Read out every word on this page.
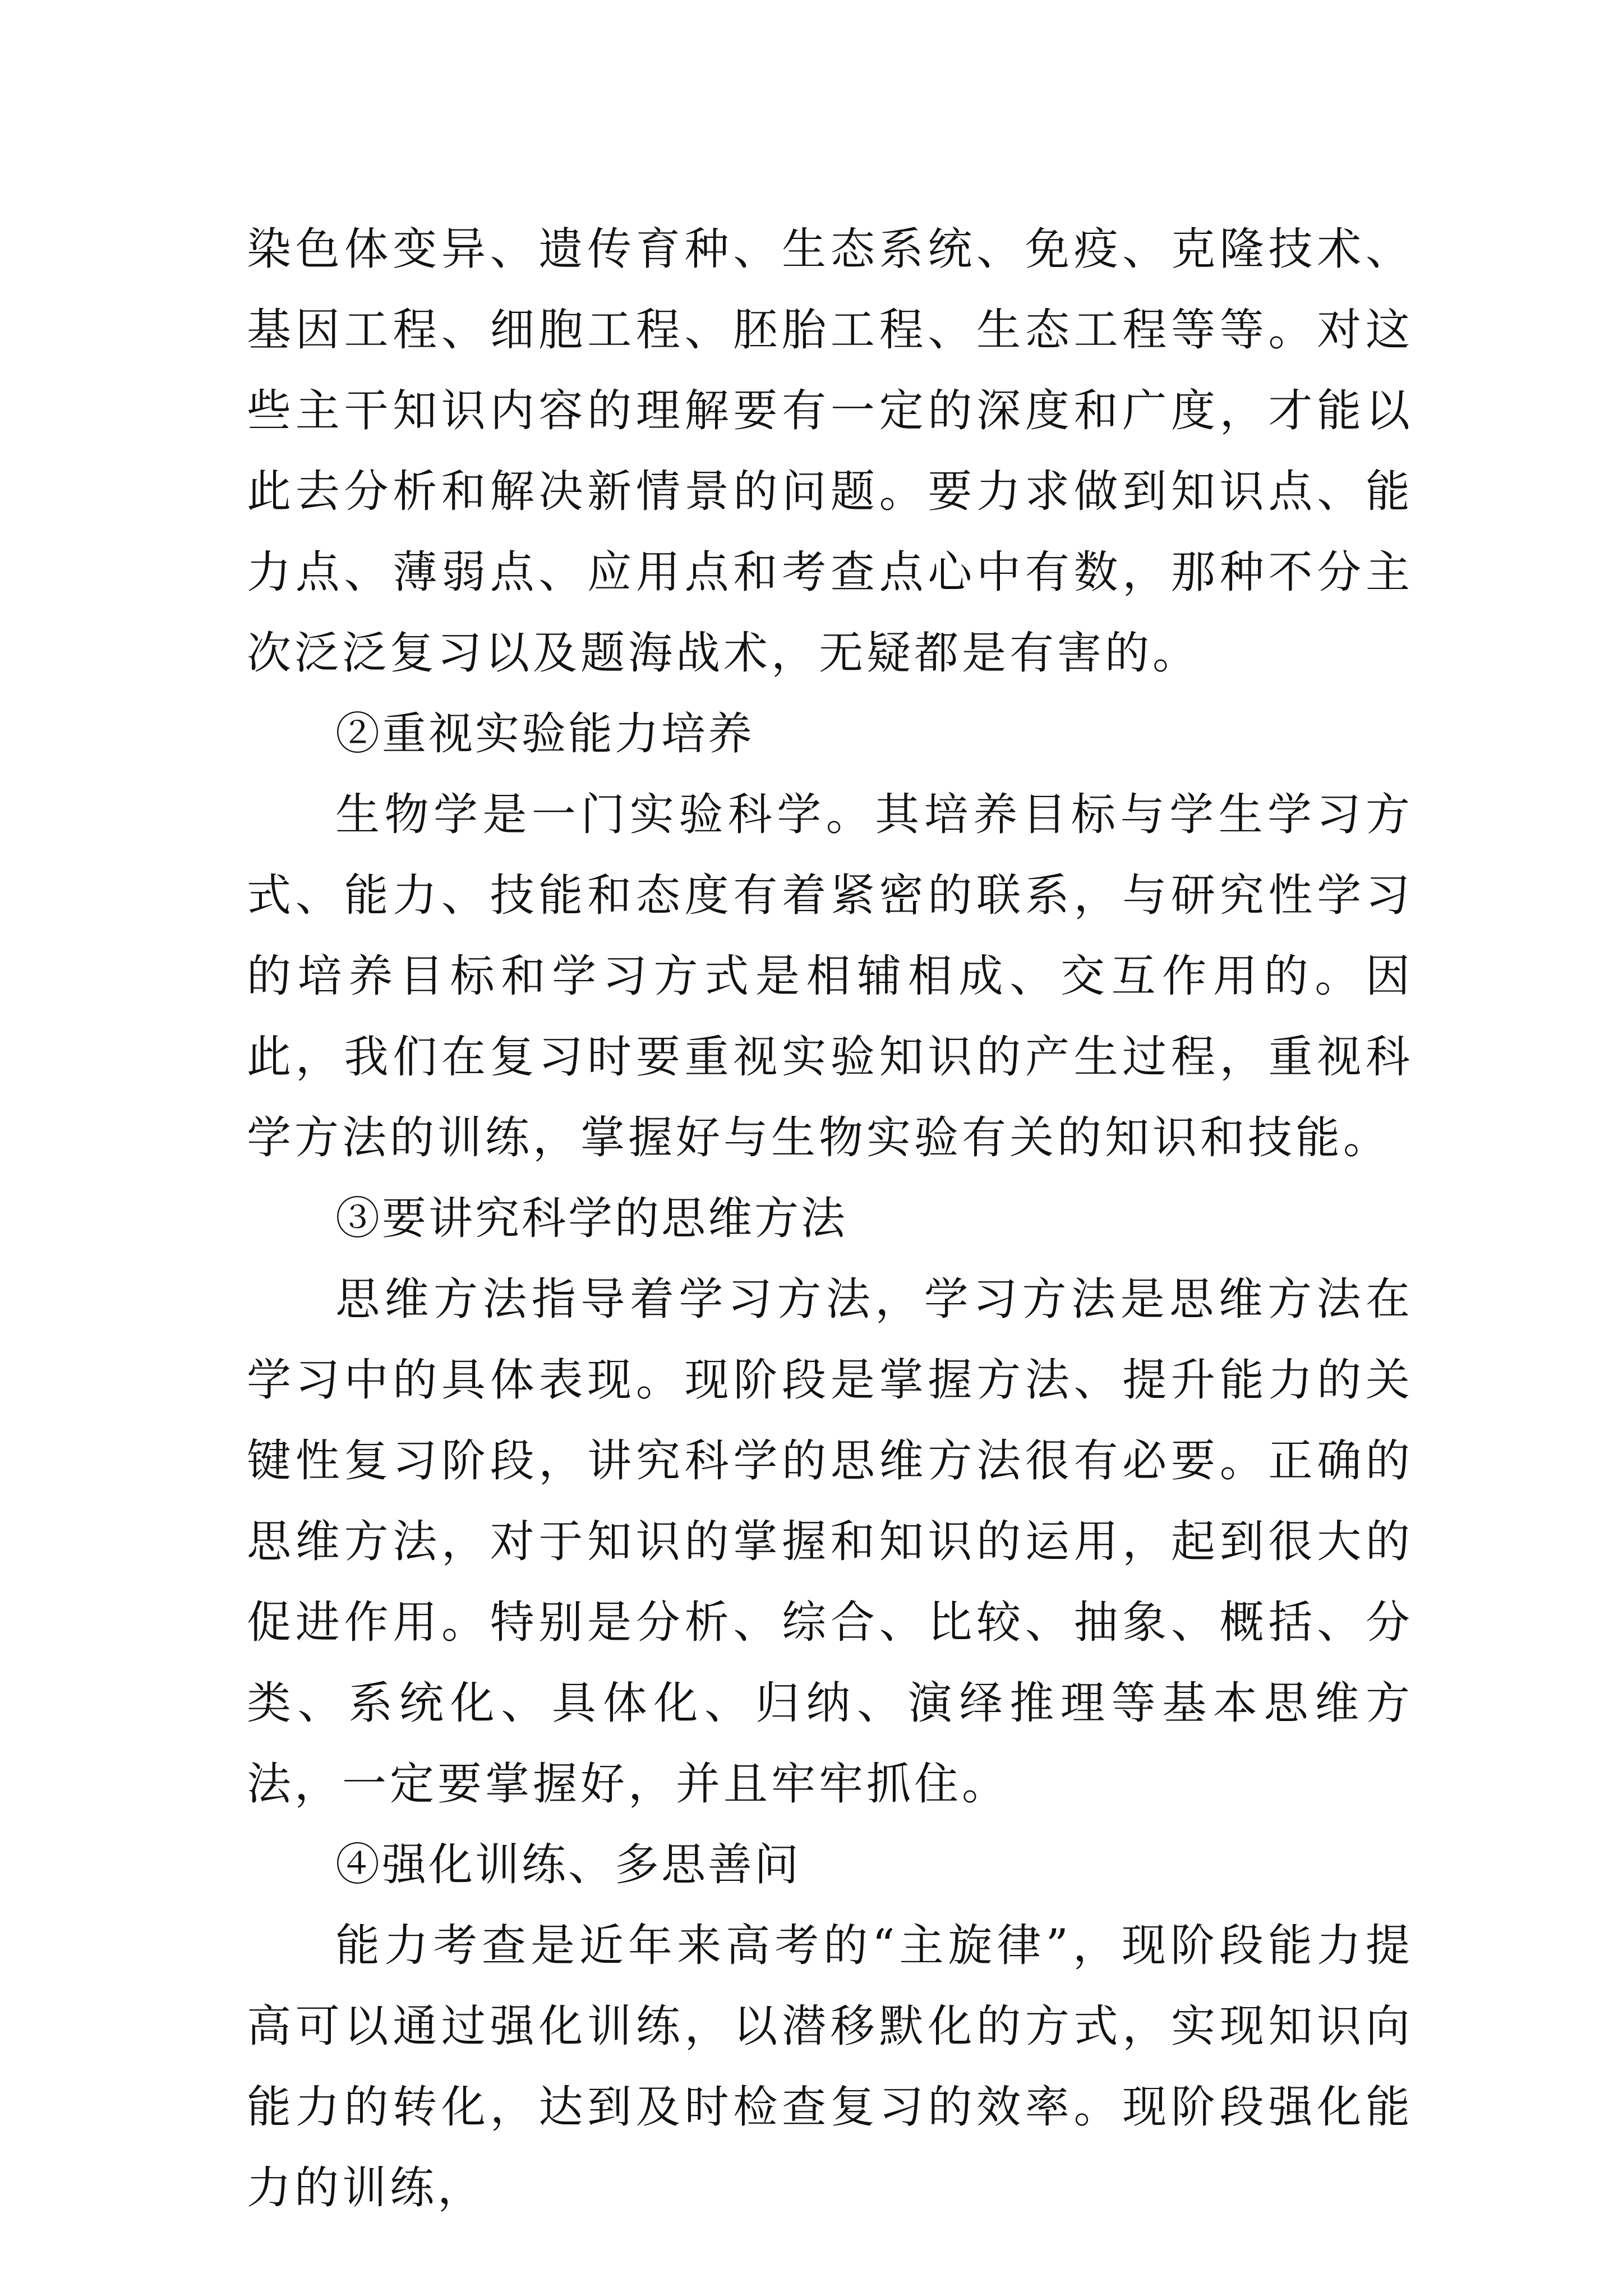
染色体变异、遗传育种、生态系统、免疫、克隆技术、基因工程、细胞工程、胚胎工程、生态工程等等。对这些主干知识内容的理解要有一定的深度和广度，才能以此去分析和解决新情景的问题。要力求做到知识点、能力点、薄弱点、应用点和考查点心中有数，那种不分主次泛泛复习以及题海战术，无疑都是有害的。

②重视实验能力培养

生物学是一门实验科学。其培养目标与学生学习方式、能力、技能和态度有着紧密的联系，与研究性学习的培养目标和学习方式是相辅相成、交互作用的。因此，我们在复习时要重视实验知识的产生过程，重视科学方法的训练，掌握好与生物实验有关的知识和技能。

③要讲究科学的思维方法

思维方法指导着学习方法，学习方法是思维方法在学习中的具体表现。现阶段是掌握方法、提升能力的关键性复习阶段，讲究科学的思维方法很有必要。正确的思维方法，对于知识的掌握和知识的运用，起到很大的促进作用。特别是分析、综合、比较、抽象、概括、分类、系统化、具体化、归纳、演绎推理等基本思维方法，一定要掌握好，并且牢牢抓住。

④强化训练、多思善问

能力考查是近年来高考的“主旋律”，现阶段能力提高可以通过强化训练，以潜移默化的方式，实现知识向能力的转化，达到及时检查复习的效率。现阶段强化能力的训练，
